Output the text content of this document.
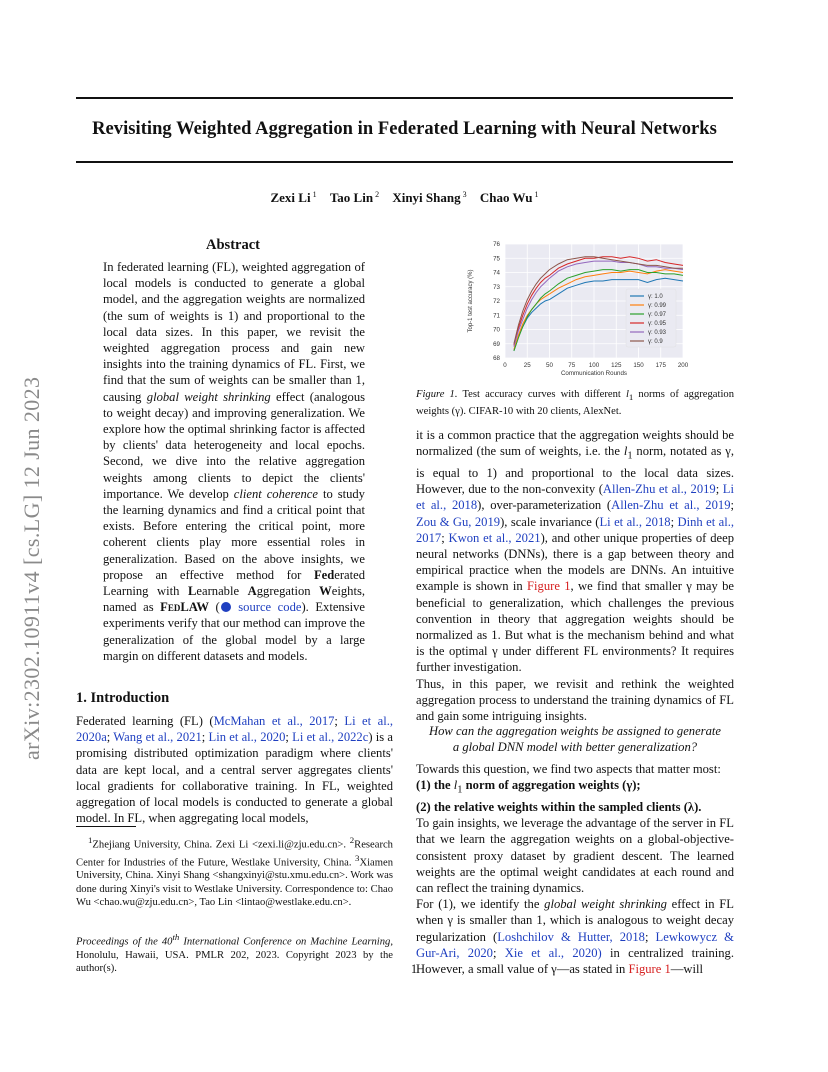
Revisiting Weighted Aggregation in Federated Learning with Neural Networks
Zexi Li $^1$ Tao Lin $^2$ Xinyi Shang $^3$ Chao Wu $^1$
arXiv:2302.10911v4 [cs.LG] 12 Jun 2023
Abstract
In federated learning (FL), weighted aggregation of local models is conducted to generate a global model, and the aggregation weights are normalized (the sum of weights is 1) and proportional to the local data sizes. In this paper, we revisit the weighted aggregation process and gain new insights into the training dynamics of FL. First, we find that the sum of weights can be smaller than 1, causing global weight shrinking effect (analogous to weight decay) and improving generalization. We explore how the optimal shrinking factor is affected by clients' data heterogeneity and local epochs. Second, we dive into the relative aggregation weights among clients to depict the clients' importance. We develop client coherence to study the learning dynamics and find a critical point that exists. Before entering the critical point, more coherent clients play more essential roles in generalization. Based on the above insights, we propose an effective method for Federated Learning with Learnable Aggregation Weights, named as FedLAW ( source code). Extensive experiments verify that our method can improve the generalization of the global model by a large margin on different datasets and models.
1. Introduction
Federated learning (FL) (McMahan et al., 2017; Li et al., 2020a; Wang et al., 2021; Lin et al., 2020; Li et al., 2022c) is a promising distributed optimization paradigm where clients' data are kept local, and a central server aggregates clients' local gradients for collaborative training. In FL, weighted aggregation of local models is conducted to generate a global model. In FL, when aggregating local models,
$^1$Zhejiang University, China. Zexi Li <zexi.li@zju.edu.cn>. $^2$Research Center for Industries of the Future, Westlake University, China. $^3$Xiamen University, China. Xinyi Shang <shangxinyi@stu.xmu.edu.cn>. Work was done during Xinyi's visit to Westlake University. Correspondence to: Chao Wu <chao.wu@zju.edu.cn>, Tao Lin <lintao@westlake.edu.cn>.
Proceedings of the 40th International Conference on Machine Learning, Honolulu, Hawaii, USA. PMLR 202, 2023. Copyright 2023 by the author(s).
68
69
70
71
72
73
74
75
76
0	25 50 75 100 125 150 175 200
Communication Rounds
Top-1 test accuracy (%)	γ: 1.0
γ: 0.99
γ: 0.97
γ: 0.95
γ: 0.93
γ: 0.9
Figure 1. Test accuracy curves with different $l_1$ norms of aggregation weights (γ). CIFAR-10 with 20 clients, AlexNet.
it is a common practice that the aggregation weights should be normalized (the sum of weights, i.e. the $l_1$ norm, notated as γ, is equal to 1) and proportional to the local data sizes. However, due to the non-convexity (Allen-Zhu et al., 2019; Li et al., 2018), over-parameterization (Allen-Zhu et al., 2019; Zou & Gu, 2019), scale invariance (Li et al., 2018; Dinh et al., 2017; Kwon et al., 2021), and other unique properties of deep neural networks (DNNs), there is a gap between theory and empirical practice when the models are DNNs. An intuitive example is shown in Figure 1, we find that smaller γ may be beneficial to generalization, which challenges the previous convention in theory that aggregation weights should be normalized as 1. But what is the mechanism behind and what is the optimal γ under different FL environments? It requires further investigation.
Thus, in this paper, we revisit and rethink the weighted aggregation process to understand the training dynamics of FL and gain some intriguing insights.
How can the aggregation weights be assigned to generate a global DNN model with better generalization?
Towards this question, we find two aspects that matter most:
(1) the $l_1$ norm of aggregation weights (γ);
(2) the relative weights within the sampled clients (λ).
To gain insights, we leverage the advantage of the server in FL that we learn the aggregation weights on a global-objective-consistent proxy dataset by gradient descent. The learned weights are the optimal weight candidates at each round and can reflect the training dynamics.
For (1), we identify the global weight shrinking effect in FL when γ is smaller than 1, which is analogous to weight decay regularization (Loshchilov & Hutter, 2018; Lewkowycz & Gur-Ari, 2020; Xie et al., 2020) in centralized training. However, a small value of γ—as stated in Figure 1—will
1
